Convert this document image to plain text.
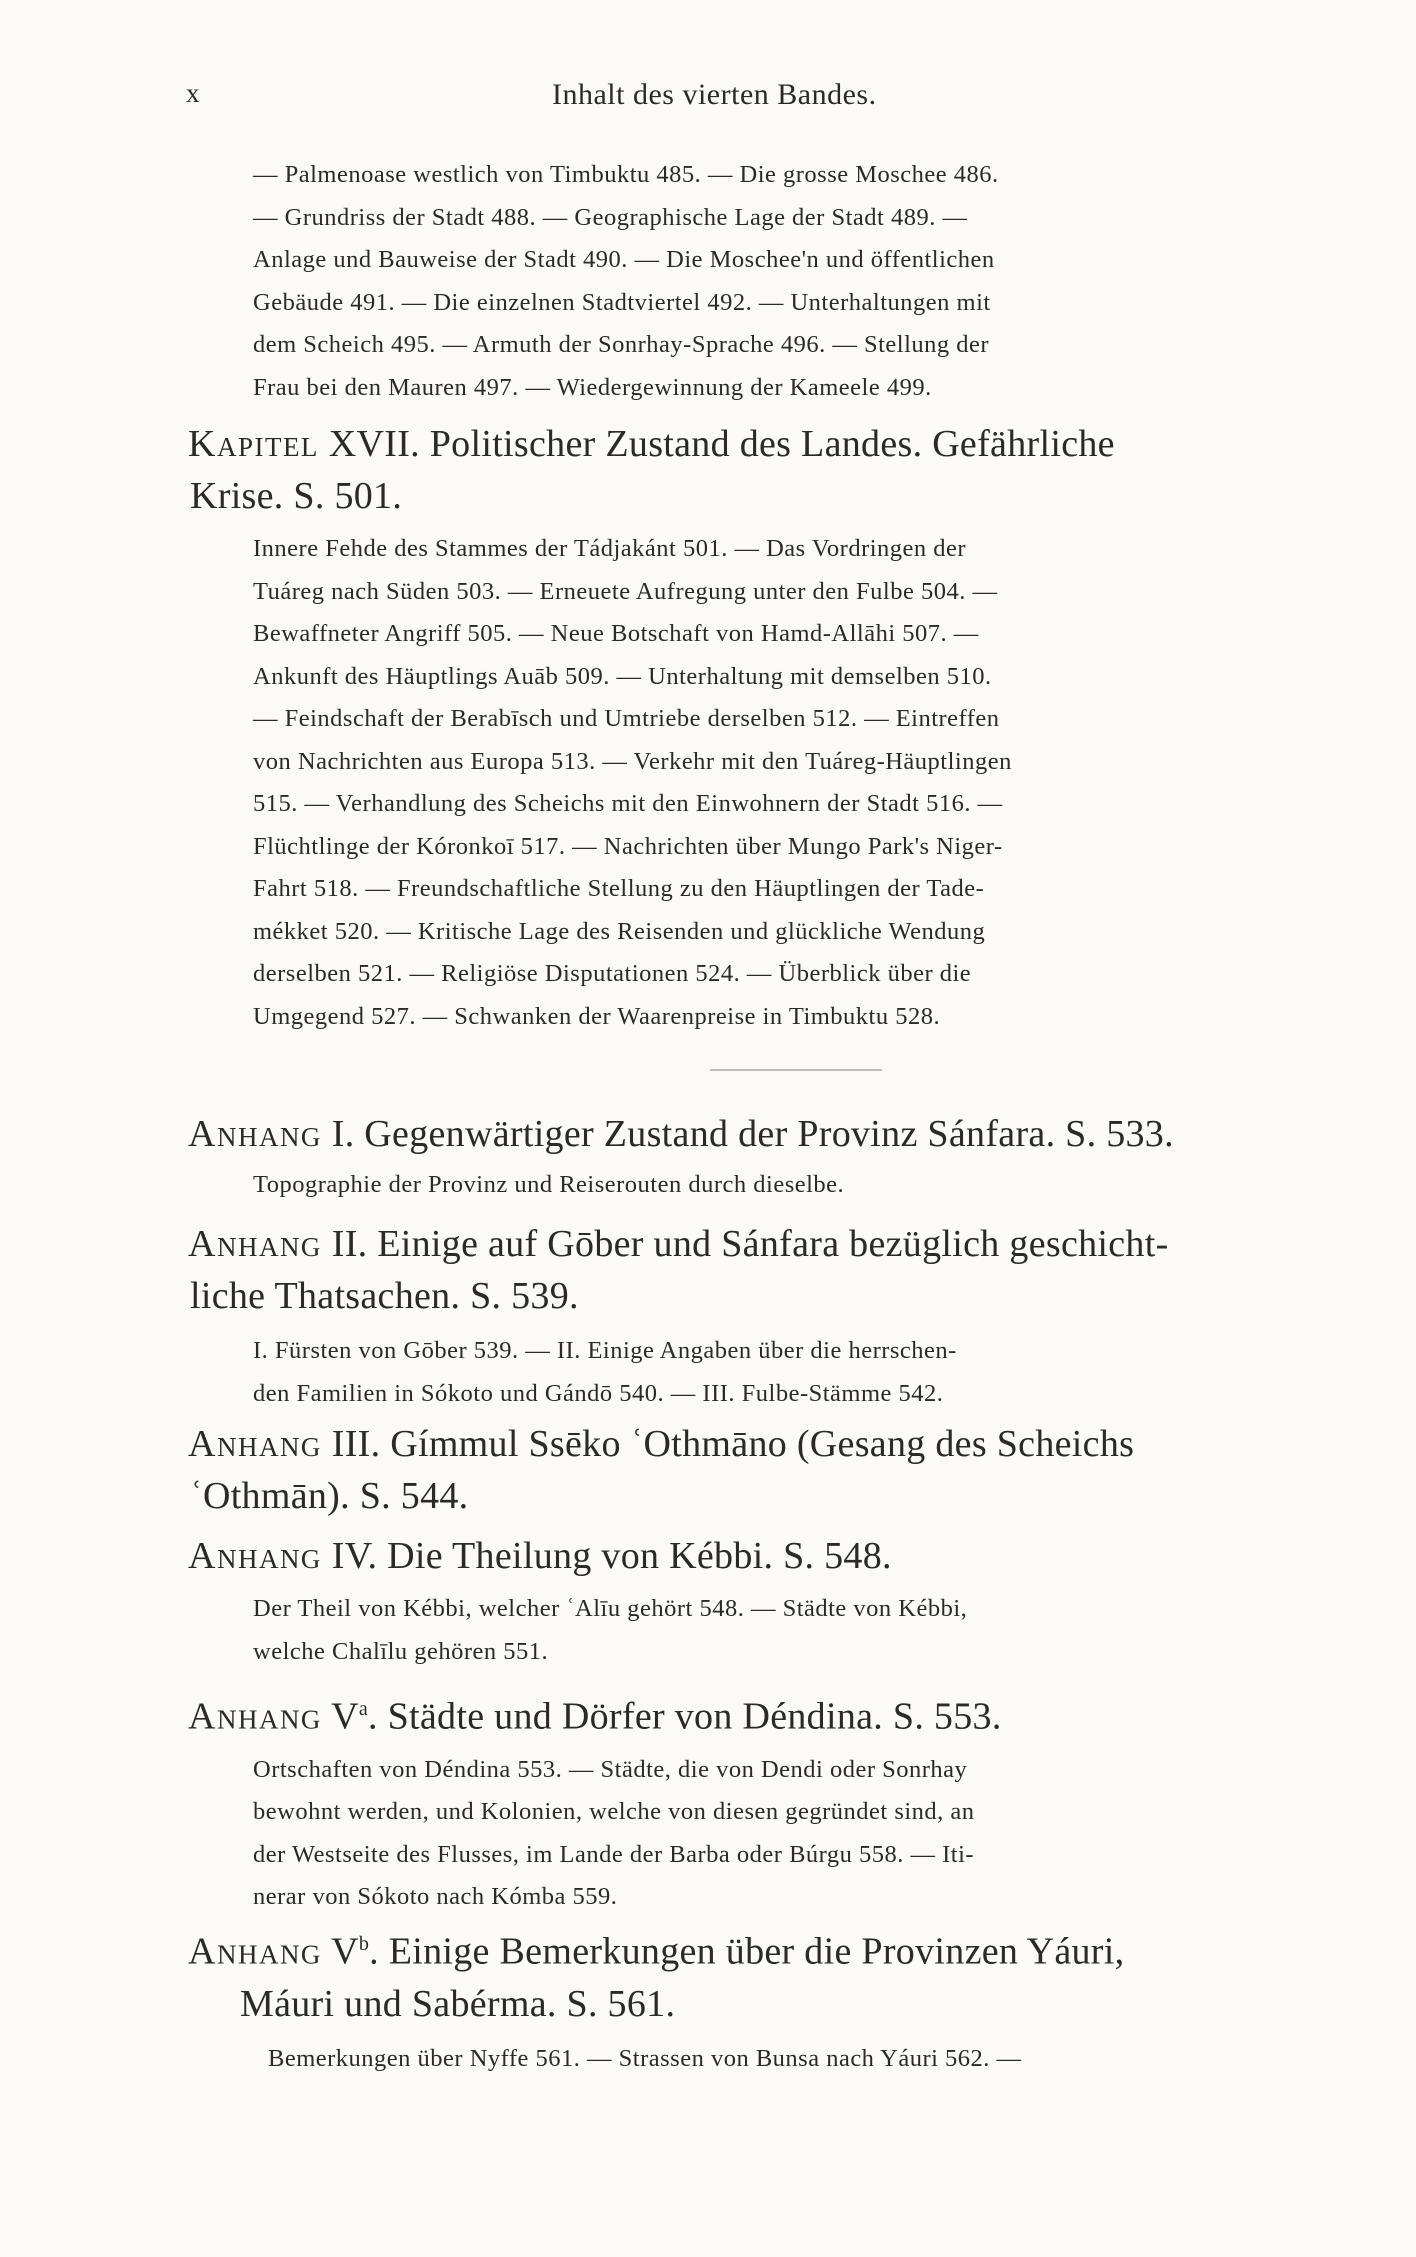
x	Inhalt des vierten Bandes.
— Palmenoase westlich von Timbuktu 485. — Die grosse Moschee 486.
— Grundriss der Stadt 488. — Geographische Lage der Stadt 489. —
Anlage und Bauweise der Stadt 490. — Die Moschee'n und öffentlichen
Gebäude 491. — Die einzelnen Stadtviertel 492. — Unterhaltungen mit
dem Scheich 495. — Armuth der Sonrhay-Sprache 496. — Stellung der
Frau bei den Mauren 497. — Wiedergewinnung der Kameele 499.
Kapitel XVII. Politischer Zustand des Landes. Gefährliche
Krise. S. 501.
Innere Fehde des Stammes der Tádjakánt 501. — Das Vordringen der
Tuáreg nach Süden 503. — Erneuete Aufregung unter den Fulbe 504. —
Bewaffneter Angriff 505. — Neue Botschaft von Hamd-Allāhi 507. —
Ankunft des Häuptlings Auāb 509. — Unterhaltung mit demselben 510.
— Feindschaft der Berabīsch und Umtriebe derselben 512. — Eintreffen
von Nachrichten aus Europa 513. — Verkehr mit den Tuáreg-Häuptlingen
515. — Verhandlung des Scheichs mit den Einwohnern der Stadt 516. —
Flüchtlinge der Kóronkoī 517. — Nachrichten über Mungo Park's Niger-
Fahrt 518. — Freundschaftliche Stellung zu den Häuptlingen der Tade-
mékket 520. — Kritische Lage des Reisenden und glückliche Wendung
derselben 521. — Religiöse Disputationen 524. — Überblick über die
Umgegend 527. — Schwanken der Waarenpreise in Timbuktu 528.
Anhang I. Gegenwärtiger Zustand der Provinz Sánfara. S. 533.
Topographie der Provinz und Reiserouten durch dieselbe.
Anhang II. Einige auf Gōber und Sánfara bezüglich geschicht-
liche Thatsachen. S. 539.
I. Fürsten von Gōber 539. — II. Einige Angaben über die herrschen-
den Familien in Sókoto und Gándō 540. — III. Fulbe-Stämme 542.
Anhang III. Gímmul Ssēko ʿOthmāno (Gesang des Scheichs
ʿOthmān). S. 544.
Anhang IV. Die Theilung von Kébbi. S. 548.
Der Theil von Kébbi, welcher ʿAlīu gehört 548. — Städte von Kébbi,
welche Chalīlu gehören 551.
Anhang $V^a$. Städte und Dörfer von Déndina. S. 553.
Ortschaften von Déndina 553. — Städte, die von Dendi oder Sonrhay
bewohnt werden, und Kolonien, welche von diesen gegründet sind, an
der Westseite des Flusses, im Lande der Barba oder Búrgu 558. — Iti-
nerar von Sókoto nach Kómba 559.
Anhang $V^b$. Einige Bemerkungen über die Provinzen Yáuri,
Máuri und Sabérma. S. 561.
Bemerkungen über Nyffe 561. — Strassen von Bunsa nach Yáuri 562. —
